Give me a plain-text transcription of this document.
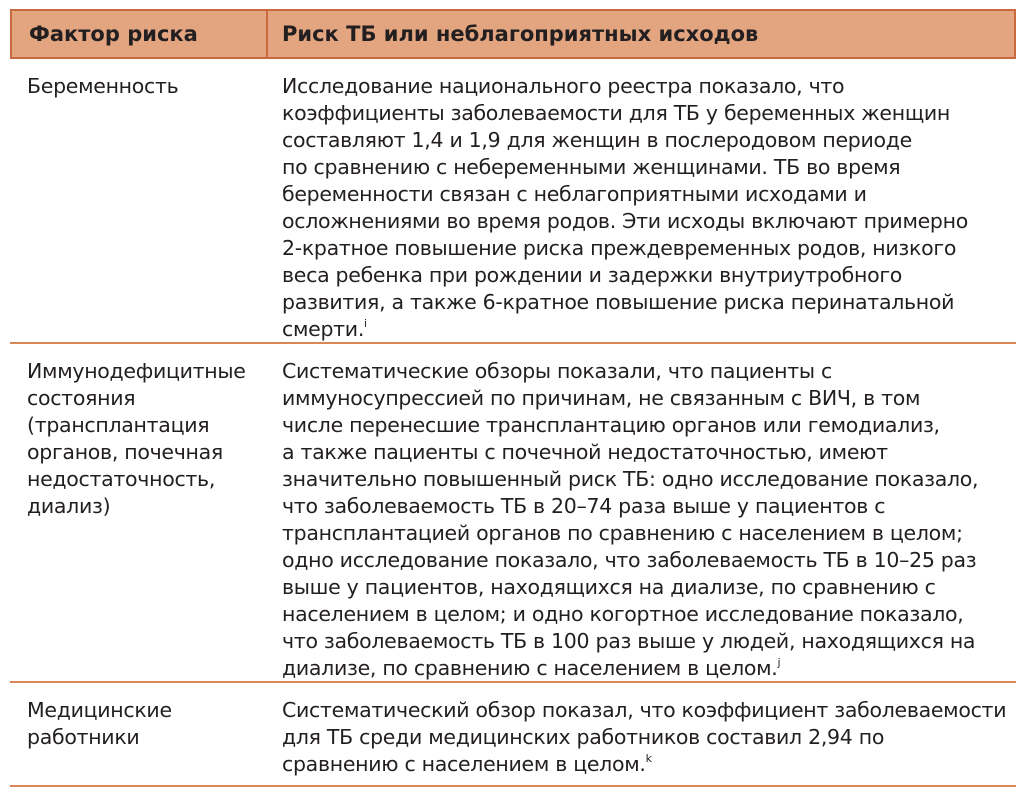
Фактор риска	Риск ТБ или неблагоприятных исходов
Беременность	Исследование национального реестра показало, что
коэффициенты заболеваемости для ТБ у беременных женщин
составляют 1,4 и 1,9 для женщин в послеродовом периоде
по сравнению с небеременными женщинами. ТБ во время
беременности связан с неблагоприятными исходами и
осложнениями во время родов. Эти исходы включают примерно
2-кратное повышение риска преждевременных родов, низкого
веса ребенка при рождении и задержки внутриутробного
развития, а также 6-кратное повышение риска перинатальной
смерти.$^i$
Иммунодефицитные
состояния
(трансплантация
органов, почечная
недостаточность,
диализ)
Систематические обзоры показали, что пациенты с
иммуносупрессией по причинам, не связанным с ВИЧ, в том
числе перенесшие трансплантацию органов или гемодиализ,
а также пациенты с почечной недостаточностью, имеют
значительно повышенный риск ТБ: одно исследование показало,
что заболеваемость ТБ в 20–74 раза выше у пациентов с
трансплантацией органов по сравнению с населением в целом;
одно исследование показало, что заболеваемость ТБ в 10–25 раз
выше у пациентов, находящихся на диализе, по сравнению с
населением в целом; и одно когортное исследование показало,
что заболеваемость ТБ в 100 раз выше у людей, находящихся на
диализе, по сравнению с населением в целом.$^j$
Медицинские
работники
Систематический обзор показал, что коэффициент заболеваемости
для ТБ среди медицинских работников составил 2,94 по
сравнению с населением в целом.$^k$
